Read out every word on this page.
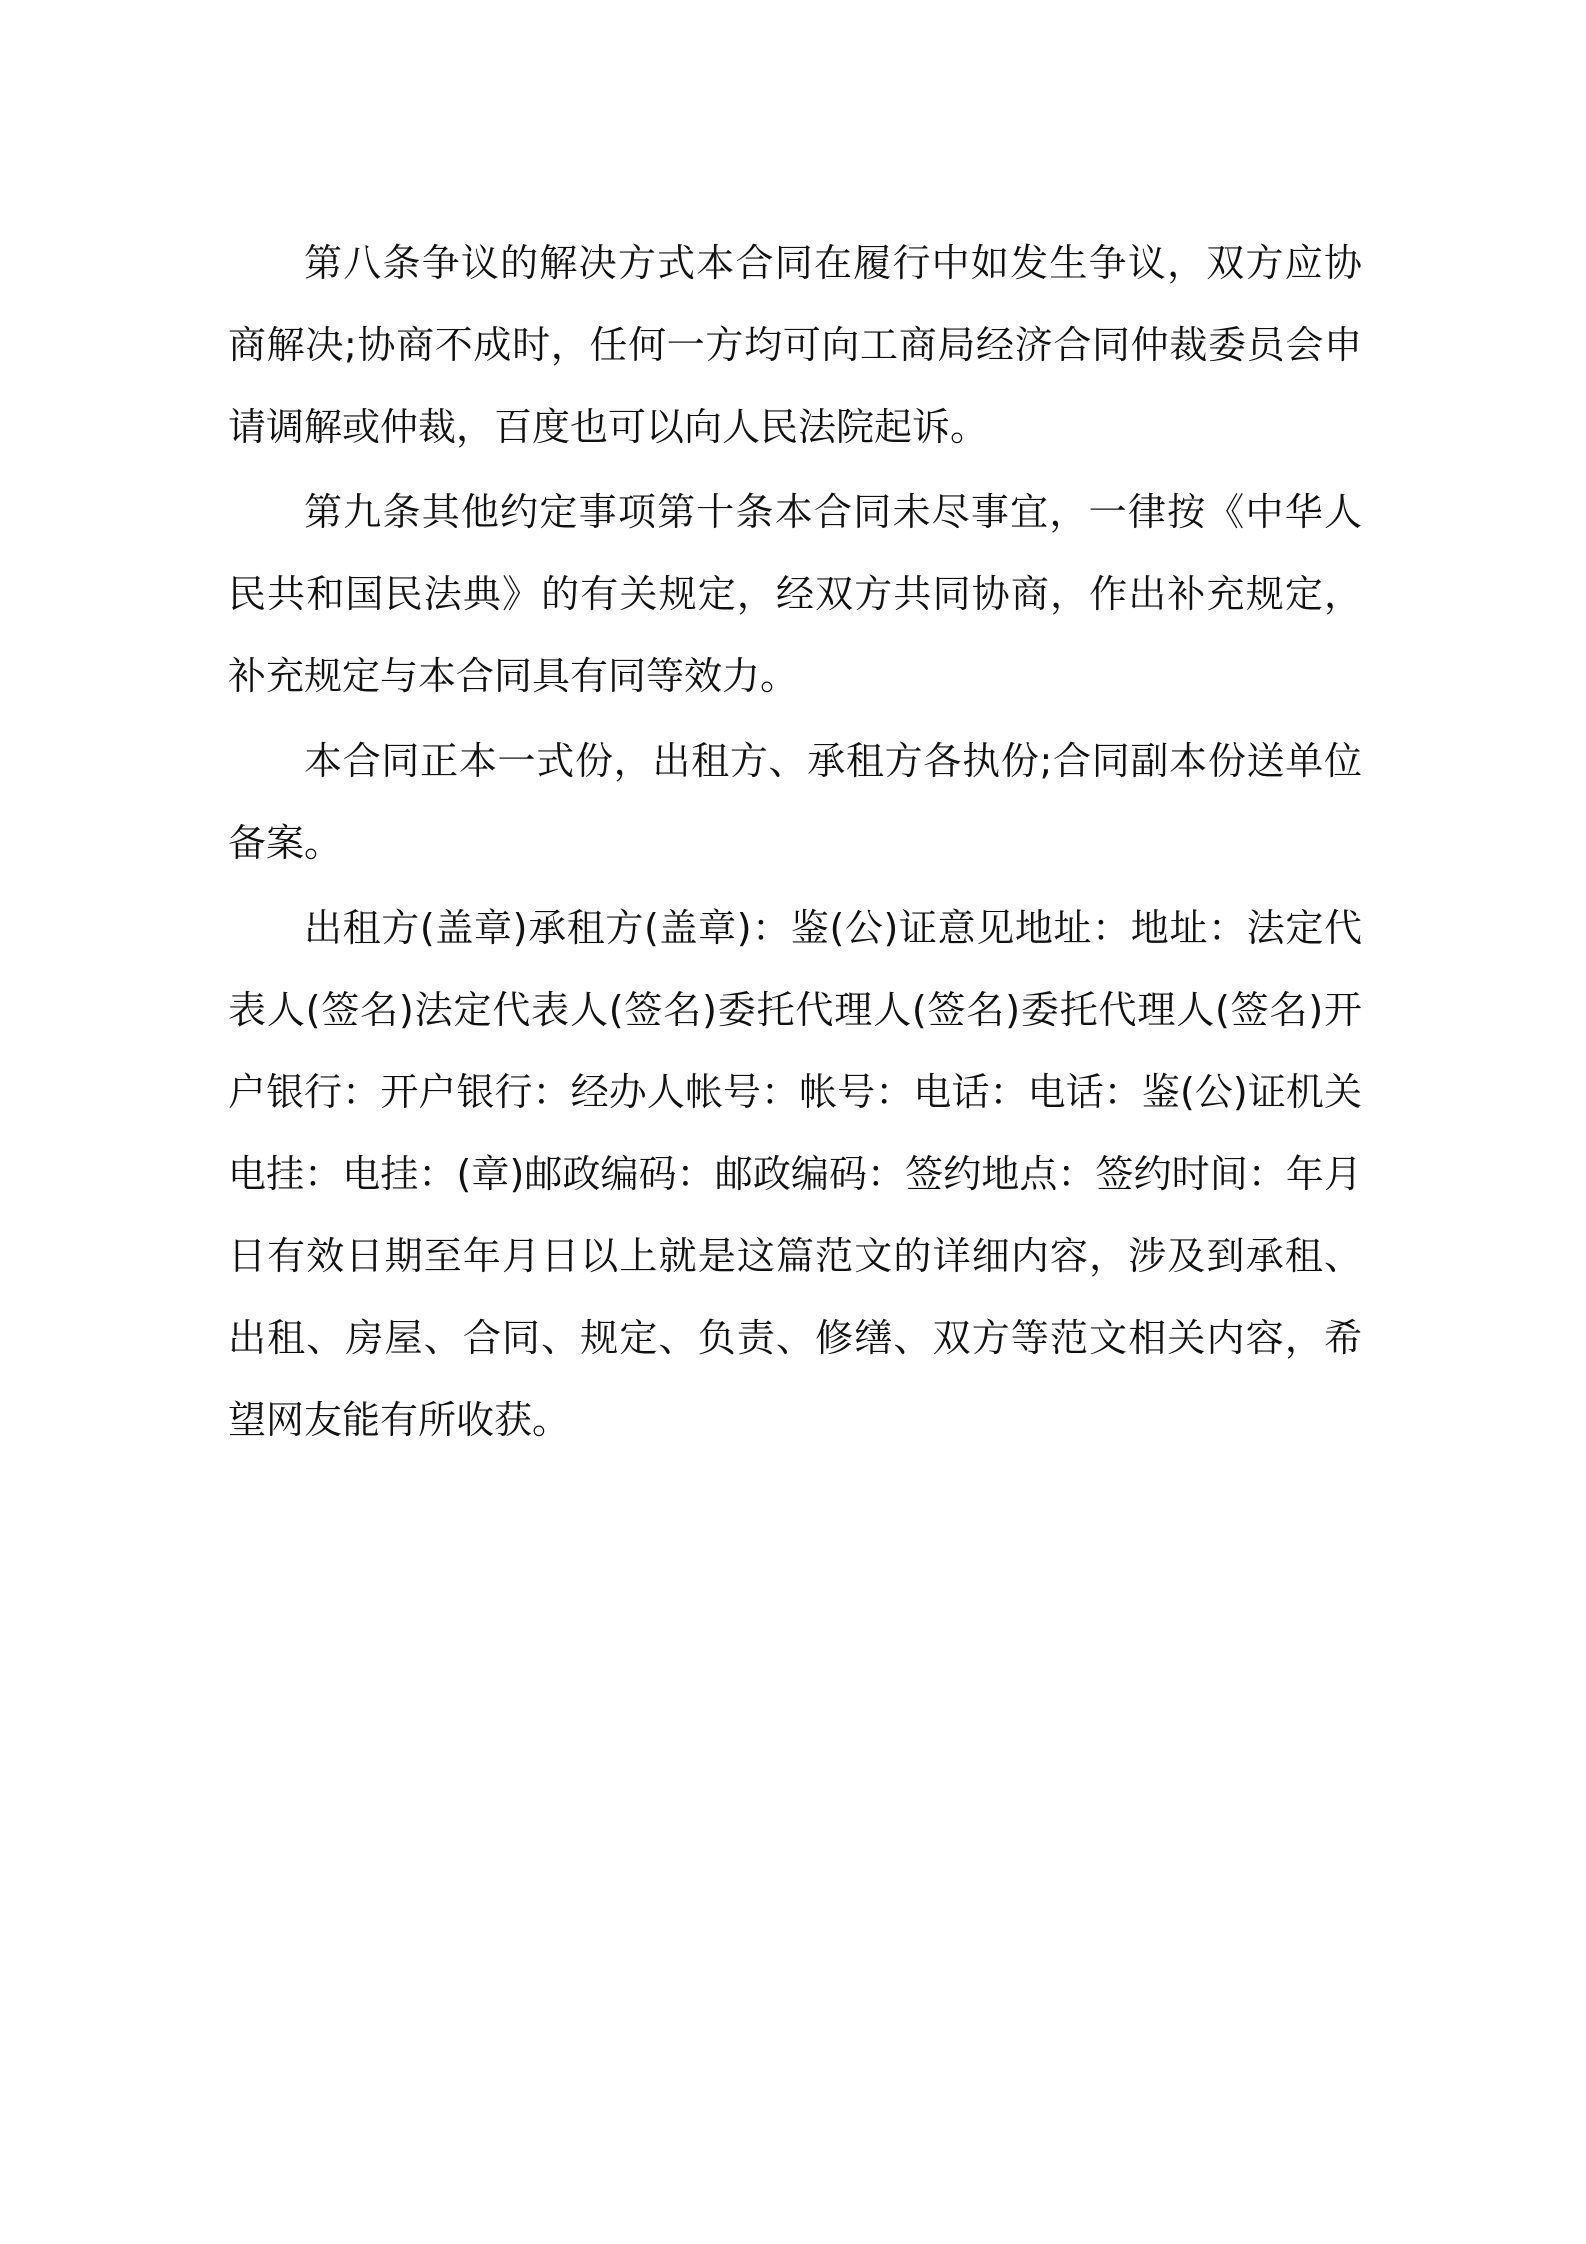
第八条争议的解决方式本合同在履行中如发生争议，双方应协商解决;协商不成时，任何一方均可向工商局经济合同仲裁委员会申请调解或仲裁，百度也可以向人民法院起诉。

第九条其他约定事项第十条本合同未尽事宜，一律按《中华人民共和国民法典》的有关规定，经双方共同协商，作出补充规定，补充规定与本合同具有同等效力。

本合同正本一式份，出租方、承租方各执份;合同副本份送单位备案。

出租方(盖章)承租方(盖章)：鉴(公)证意见地址：地址：法定代表人(签名)法定代表人(签名)委托代理人(签名)委托代理人(签名)开户银行：开户银行：经办人帐号：帐号：电话：电话：鉴(公)证机关电挂：电挂：(章)邮政编码：邮政编码：签约地点：签约时间：年月日有效日期至年月日以上就是这篇范文的详细内容，涉及到承租、出租、房屋、合同、规定、负责、修缮、双方等范文相关内容，希望网友能有所收获。
